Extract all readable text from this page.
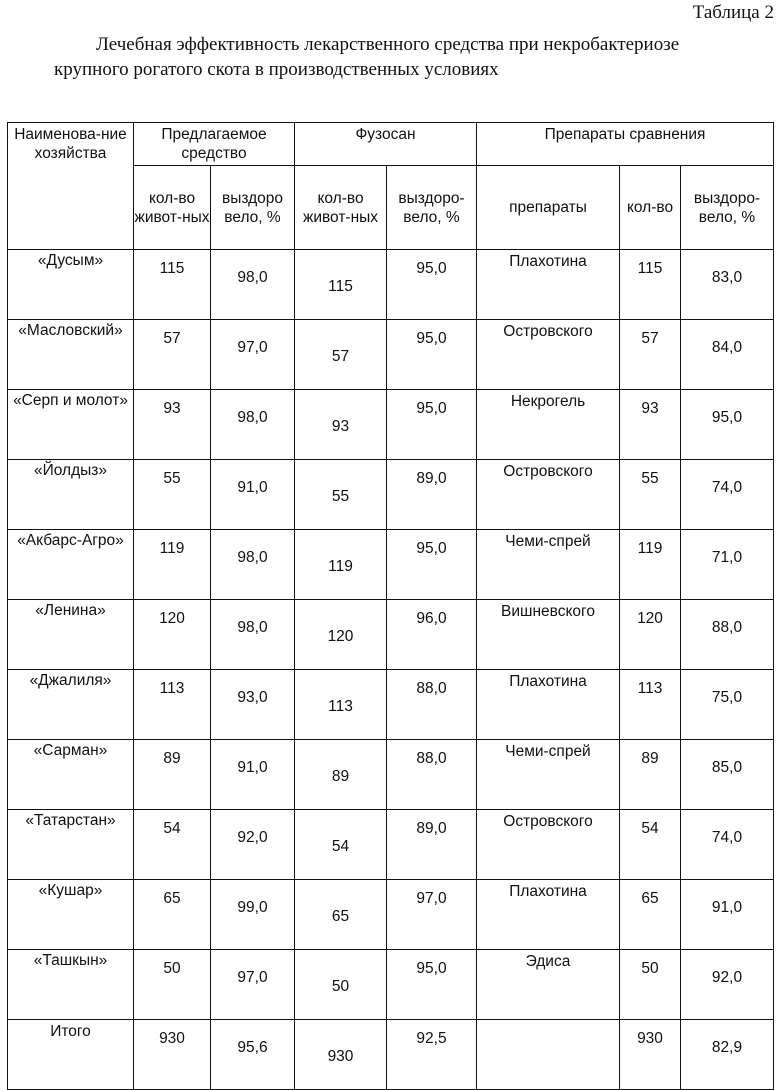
Таблица 2
Лечебная эффективность лекарственного средства при некробактериозе
крупного рогатого скота в производственных условиях
Наименова-ние хозяйства	Предлагаемое средство		Фузосан		Препараты сравнения		
	кол-во живот-ных	выздоро вело, %	кол-во живот-ных	выздоро-вело, %	препараты	кол-во	выздоро-вело, %
«Дусым»	115	98,0	115	95,0	Плахотина	115	83,0
«Масловский»	57	97,0	57	95,0	Островского	57	84,0
«Серп и молот»	93	98,0	93	95,0	Некрогель	93	95,0
«Йолдыз»	55	91,0	55	89,0	Островского	55	74,0
«Акбарс-Агро»	119	98,0	119	95,0	Чеми-спрей	119	71,0
«Ленина»	120	98,0	120	96,0	Вишневского	120	88,0
«Джалиля»	113	93,0	113	88,0	Плахотина	113	75,0
«Сарман»	89	91,0	89	88,0	Чеми-спрей	89	85,0
«Татарстан»	54	92,0	54	89,0	Островского	54	74,0
«Кушар»	65	99,0	65	97,0	Плахотина	65	91,0
«Ташкын»	50	97,0	50	95,0	Эдиса	50	92,0
Итого	930	95,6	930	92,5		930	82,9
